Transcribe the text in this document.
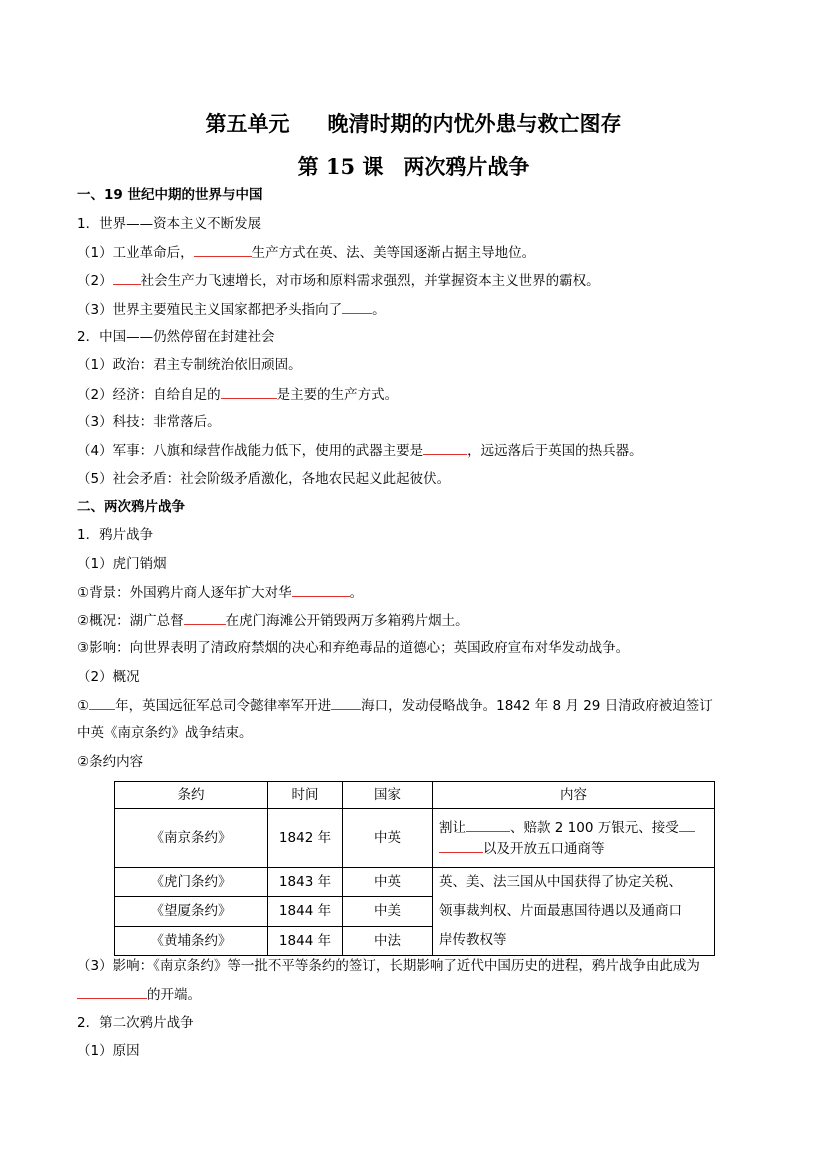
第五单元 晚清时期的内忧外患与救亡图存
第 15 课 两次鸦片战争
一、19 世纪中期的世界与中国
1．世界——资本主义不断发展
（1）工业革命后，	生产方式在英、法、美等国逐渐占据主导地位。
（2） 社会生产力飞速增长，对市场和原料需求强烈，并掌握资本主义世界的霸权。
（3）世界主要殖民主义国家都把矛头指向了 。
2．中国——仍然停留在封建社会
（1）政治：君主专制统治依旧顽固。
（2）经济：自给自足的	是主要的生产方式。
（3）科技：非常落后。
（4）军事：八旗和绿营作战能力低下，使用的武器主要是	，远远落后于英国的热兵器。
（5）社会矛盾：社会阶级矛盾激化，各地农民起义此起彼伏。
二、两次鸦片战争
1．鸦片战争
（1）虎门销烟
①背景：外国鸦片商人逐年扩大对华	。
②概况：湖广总督	在虎门海滩公开销毁两万多箱鸦片烟土。
③影响：向世界表明了清政府禁烟的决心和弃绝毒品的道德心；英国政府宣布对华发动战争。
（2）概况
① 年，英国远征军总司令懿律率军开进 海口，发动侵略战争。1842 年 8 月 29 日清政府被迫签订
中英《南京条约》战争结束。
②条约内容
条约	时间	国家	内容
《南京条约》	1842 年	中英	割让 、赔款 2 100 万银元、接受
以及开放五口通商等

《虎门条约》	1843 年	中英	英、美、法三国从中国获得了协定关税、
领事裁判权、片面最惠国待遇以及通商口
岸传教权等

《望厦条约》	1844 年	中美	
《黄埔条约》	1844 年	中法	
（3）影响：《南京条约》等一批不平等条约的签订，长期影响了近代中国历史的进程，鸦片战争由此成为
的开端。
2．第二次鸦片战争
（1）原因
